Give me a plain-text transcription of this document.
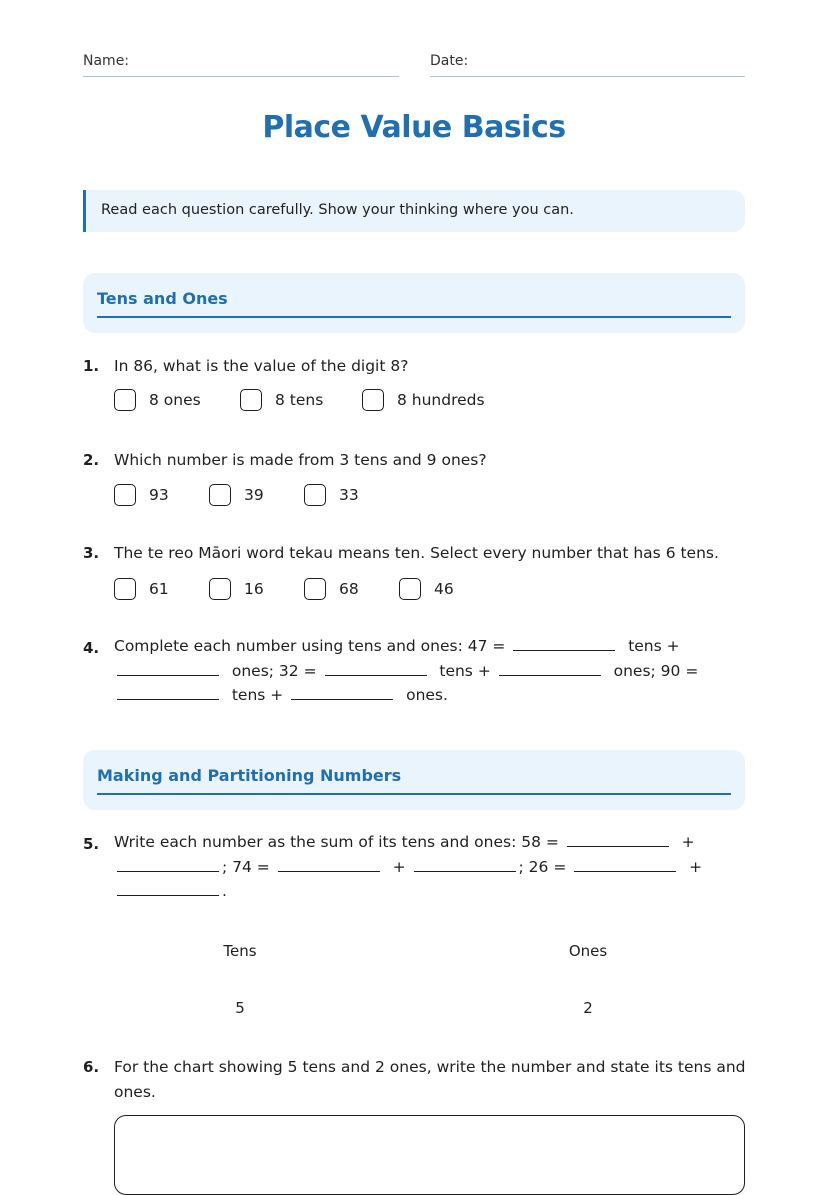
Name:	Date:
Place Value Basics
Read each question carefully. Show your thinking where you can.
Tens and Ones
1. In 86, what is the value of the digit 8?
8 ones	8 tens	8 hundreds
2. Which number is made from 3 tens and 9 ones?
93	39	33
3. The te reo Māori word tekau means ten. Select every number that has 6 tens.
61	16	68	46
4. Complete each number using tens and ones: 47 =	tens +
ones; 32 =	tens +	ones; 90 =
tens +	ones.
Making and Partitioning Numbers
5. Write each number as the sum of its tens and ones: 58 =	+
; 74 =	+	; 26 =	+
.
Tens	Ones
5	2
6. For the chart showing 5 tens and 2 ones, write the number and state its tens and
ones.
